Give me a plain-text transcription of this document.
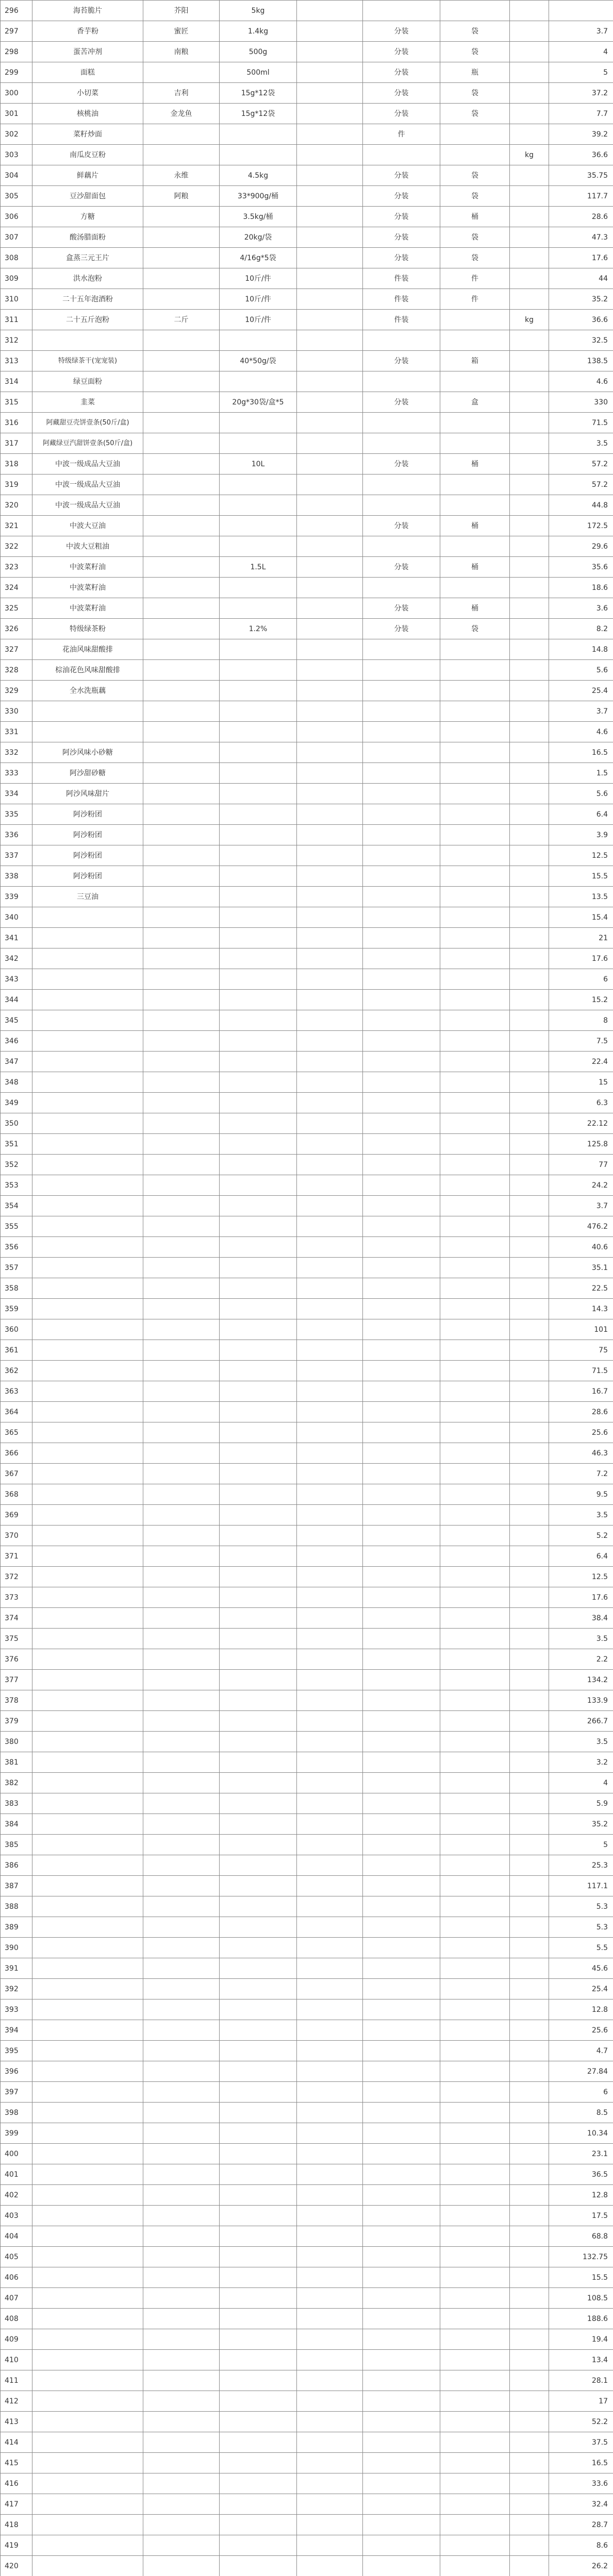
296	海苔脆片	芥阳	5kg					
297	香芋粉	蜜匠	1.4kg		分装	袋		3.7
298	蛋苦冲剂	南粮	500g		分装	袋		4
299	面糕		500ml		分装	瓶		5
300	小切菜	吉利	15g*12袋		分装	袋		37.2
301	核桃油	金龙鱼	15g*12袋		分装	袋		7.7
302	菜籽炒面				件			39.2
303	南瓜皮豆粉						kg	36.6
304	鲜藕片	永维	4.5kg		分装	袋		35.75
305	豆沙甜面包	阿粮	33*900g/桶		分装	袋		117.7
306	方糖		3.5kg/桶		分装	桶		28.6
307	酸汤腊面粉		20kg/袋		分装	袋		47.3
308	盒蒸三元王片		4/16g*5袋		分装	袋		17.6
309	洪水泡粉		10斤/件		件装	件		44
310	二十五年泡酒粉		10斤/件		件装	件		35.2
311	二十五斤泡粉	二斤	10斤/件		件装		kg	36.6
312								32.5
313	特级绿茶干(宠宠装)		40*50g/袋		分装	箱		138.5
314	绿豆面粉							4.6
315	韭菜		20g*30袋/盒*5		分装	盒		330
316	阿藏甜豆壳饼壹条(50斤/盒)							71.5
317	阿藏绿豆汽甜饼壹条(50斤/盒)							3.5
318	中波一级成品大豆油		10L		分装	桶		57.2
319	中波一级成品大豆油							57.2
320	中波一级成品大豆油							44.8
321	中波大豆油				分装	桶		172.5
322	中波大豆粗油							29.6
323	中波菜籽油		1.5L		分装	桶		35.6
324	中波菜籽油							18.6
325	中波菜籽油				分装	桶		3.6
326	特级绿茶粉		1.2%		分装	袋		8.2
327	花油风味甜酸排							14.8
328	棕油花色风味甜酸排							5.6
329	全水洗瓶藕							25.4
330								3.7
331								4.6
332	阿沙风味小砂糖							16.5
333	阿沙甜砂糖							1.5
334	阿沙风味甜片							5.6
335	阿沙粉团							6.4
336	阿沙粉团							3.9
337	阿沙粉团							12.5
338	阿沙粉团							15.5
339	三豆油							13.5
340								15.4
341								21
342								17.6
343								6
344								15.2
345								8
346								7.5
347								22.4
348								15
349								6.3
350								22.12
351								125.8
352								77
353								24.2
354								3.7
355								476.2
356								40.6
357								35.1
358								22.5
359								14.3
360								101
361								75
362								71.5
363								16.7
364								28.6
365								25.6
366								46.3
367								7.2
368								9.5
369								3.5
370								5.2
371								6.4
372								12.5
373								17.6
374								38.4
375								3.5
376								2.2
377								134.2
378								133.9
379								266.7
380								3.5
381								3.2
382								4
383								5.9
384								35.2
385								5
386								25.3
387								117.1
388								5.3
389								5.3
390								5.5
391								45.6
392								25.4
393								12.8
394								25.6
395								4.7
396								27.84
397								6
398								8.5
399								10.34
400								23.1
401								36.5
402								12.8
403								17.5
404								68.8
405								132.75
406								15.5
407								108.5
408								188.6
409								19.4
410								13.4
411								28.1
412								17
413								52.2
414								37.5
415								16.5
416								33.6
417								32.4
418								28.7
419								8.6
420								26.2
